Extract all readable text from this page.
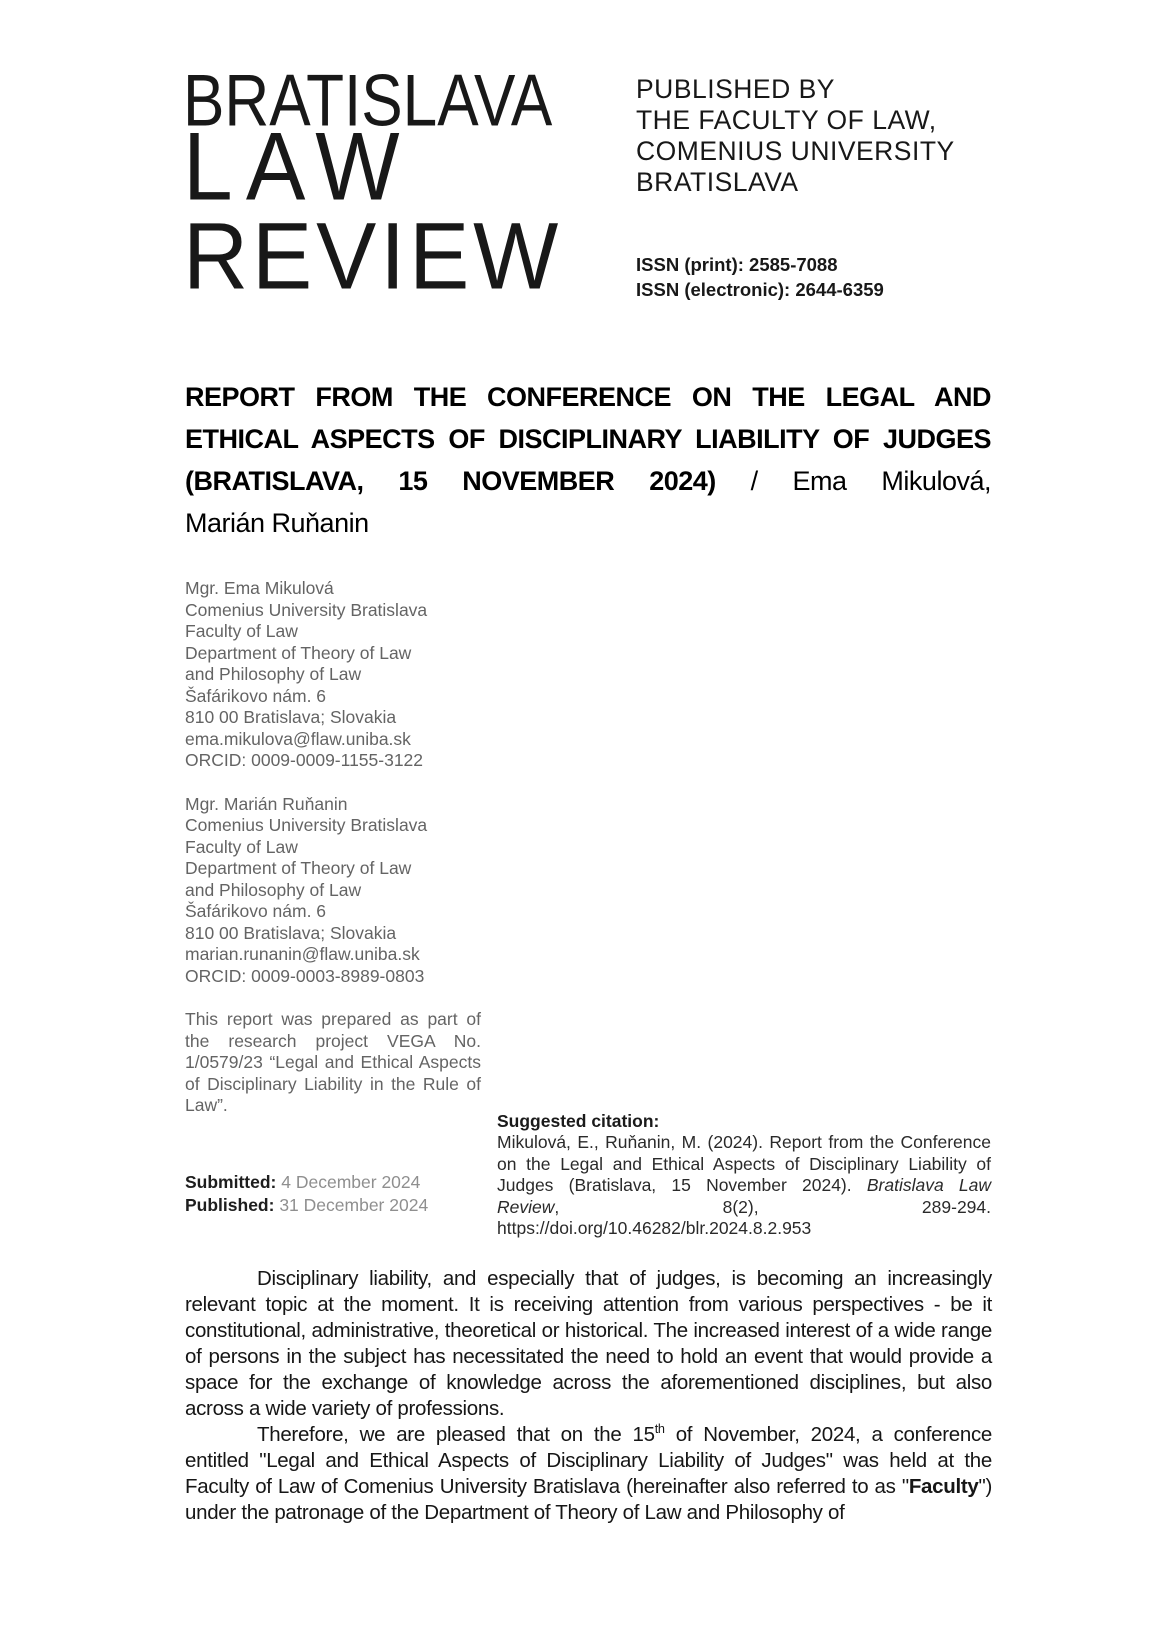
BRATISLAVA
LAW
REVIEW
PUBLISHED BY
THE FACULTY OF LAW,
COMENIUS UNIVERSITY
BRATISLAVA
ISSN (print): 2585-7088
ISSN (electronic): 2644-6359
REPORT FROM THE CONFERENCE ON THE LEGAL AND
ETHICAL ASPECTS OF DISCIPLINARY LIABILITY OF JUDGES
(BRATISLAVA, 15 NOVEMBER 2024) / Ema Mikulová,
Marián Ruňanin
Mgr. Ema Mikulová
Comenius University Bratislava
Faculty of Law
Department of Theory of Law
and Philosophy of Law
Šafárikovo nám. 6
810 00 Bratislava; Slovakia
ema.mikulova@flaw.uniba.sk
ORCID: 0009-0009-1155-3122
Mgr. Marián Ruňanin
Comenius University Bratislava
Faculty of Law
Department of Theory of Law
and Philosophy of Law
Šafárikovo nám. 6
810 00 Bratislava; Slovakia
marian.runanin@flaw.uniba.sk
ORCID: 0009-0003-8989-0803

This report was prepared as part of the research project VEGA No. 1/0579/23 “Legal and Ethical Aspects of Disciplinary Liability in the Rule of Law”.

Submitted: 4 December 2024
Published: 31 December 2024
Suggested citation:

Mikulová, E., Ruňanin, M. (2024). Report from the Conference on the Legal and Ethical Aspects of Disciplinary Liability of Judges (Bratislava, 15 November 2024). Bratislava Law Review, 8(2), 289-294. https://doi.org/10.46282/blr.2024.8.2.953

Disciplinary liability, and especially that of judges, is becoming an increasingly relevant topic at the moment. It is receiving attention from various perspectives - be it constitutional, administrative, theoretical or historical. The increased interest of a wide range of persons in the subject has necessitated the need to hold an event that would provide a space for the exchange of knowledge across the aforementioned disciplines, but also across a wide variety of professions.

Therefore, we are pleased that on the 15th of November, 2024, a conference entitled "Legal and Ethical Aspects of Disciplinary Liability of Judges" was held at the Faculty of Law of Comenius University Bratislava (hereinafter also referred to as "Faculty") under the patronage of the Department of Theory of Law and Philosophy of
